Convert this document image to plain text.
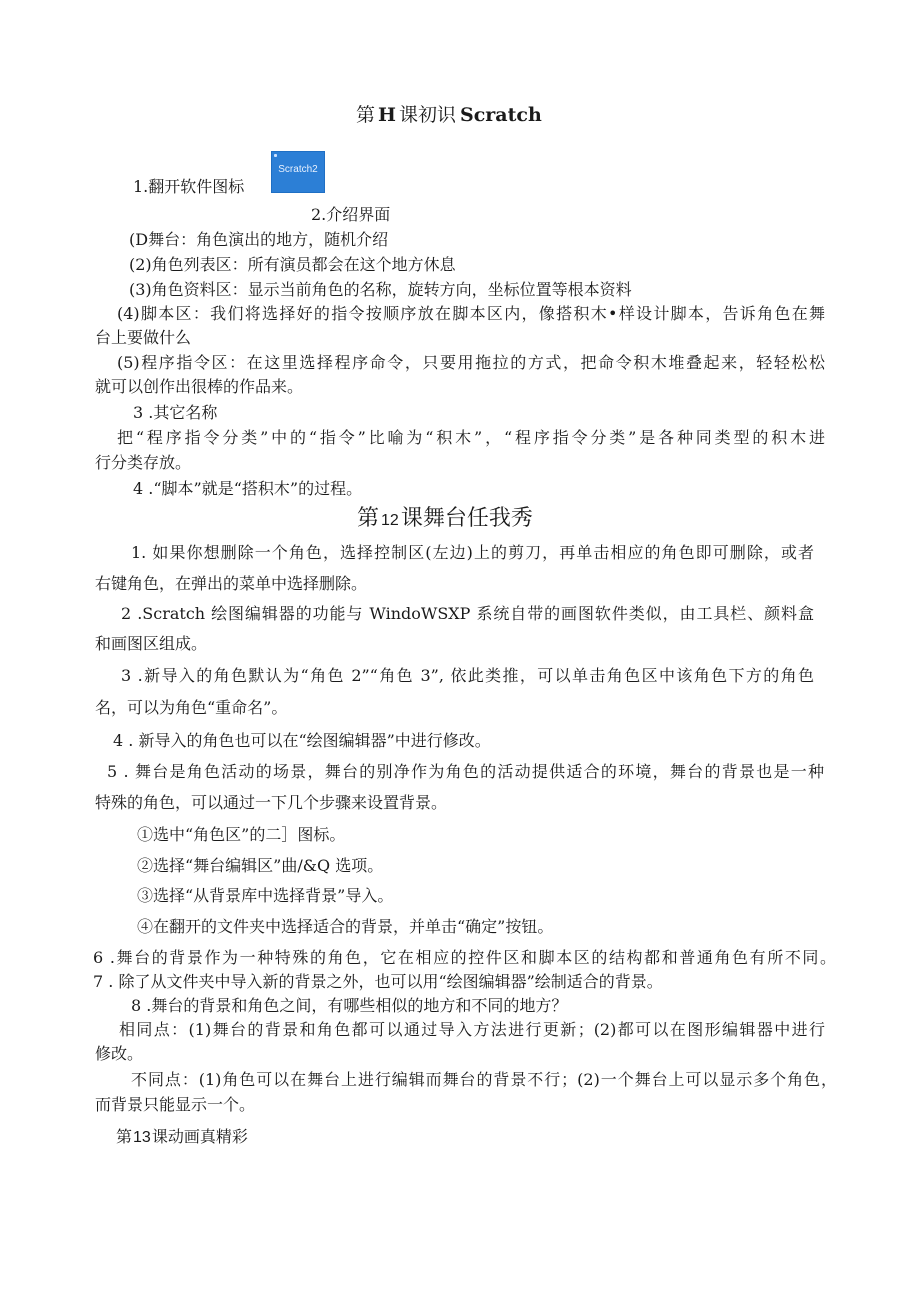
第 H 课初识 Scratch
1.翻开软件图标
Scratch2
2.介绍界面
(D舞台：角色演出的地方，随机介绍
(2)角色列表区：所有演员都会在这个地方休息
(3)角色资料区：显示当前角色的名称，旋转方向，坐标位置等根本资料
(4)脚本区：我们将选择好的指令按顺序放在脚本区内，像搭积木•样设计脚本，告诉角色在舞
台上要做什么
(5)程序指令区：在这里选择程序命令，只要用拖拉的方式，把命令积木堆叠起来，轻轻松松
就可以创作出很棒的作品来。
3 .其它名称
把“程序指令分类”中的“指令”比喻为“积木”，“程序指令分类”是各种同类型的积木进
行分类存放。
4 .“脚本”就是“搭积木”的过程。
第 12课舞台任我秀
1. 如果你想删除一个角色，选择控制区(左边)上的剪刀，再单击相应的角色即可删除，或者
右键角色，在弹出的菜单中选择删除。
2 .Scratch 绘图编辑器的功能与 WindoWSXP 系统自带的画图软件类似，由工具栏、颜料盒
和画图区组成。
3 .新导入的角色默认为“角色 2”“角色 3”, 依此类推，可以单击角色区中该角色下方的角色
名，可以为角色“重命名”。
4 . 新导入的角色也可以在“绘图编辑器”中进行修改。
5 . 舞台是角色活动的场景，舞台的别净作为角色的活动提供适合的环境，舞台的背景也是一种
特殊的角色，可以通过一下几个步骤来设置背景。
①选中“角色区”的二］图标。
②选择“舞台编辑区”曲/&Q 选项。
③选择“从背景库中选择背景”导入。
④在翻开的文件夹中选择适合的背景，并单击“确定”按钮。
6 .舞台的背景作为一种特殊的角色，它在相应的控件区和脚本区的结构都和普通角色有所不同。
7 . 除了从文件夹中导入新的背景之外，也可以用“绘图编辑器”绘制适合的背景。
8 .舞台的背景和角色之间，有哪些相似的地方和不同的地方？
相同点：(1)舞台的背景和角色都可以通过导入方法进行更新；(2)都可以在图形编辑器中进行
修改。
不同点：(1)角色可以在舞台上进行编辑而舞台的背景不行；(2)一个舞台上可以显示多个角色，
而背景只能显示一个。
第13课动画真精彩
